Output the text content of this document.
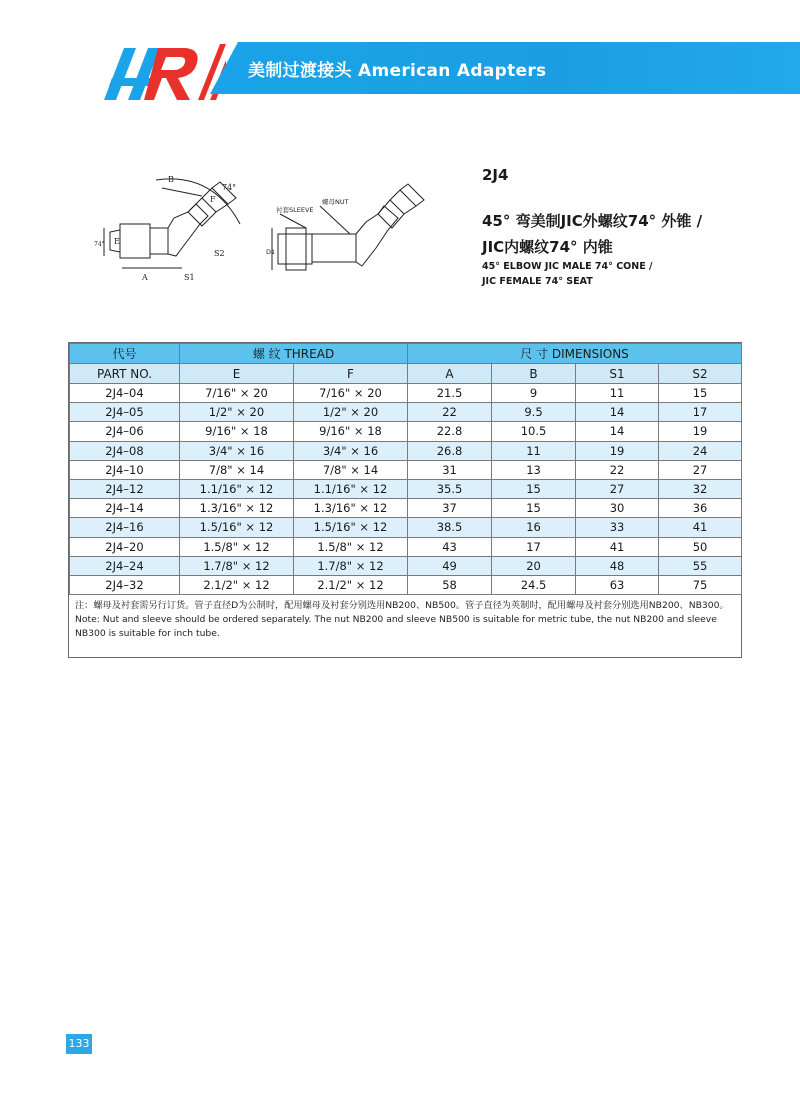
美制过渡接头 American Adapters
B
F
74°
E
S2
A	S1
74°
衬套SLEEVE
螺母NUT
D1
2J4
45° 弯美制JIC外螺纹74° 外锥 /
JIC内螺纹74° 内锥
45° ELBOW JIC MALE 74° CONE /
JIC FEMALE 74° SEAT
代号	螺 纹 THREAD		尺 寸 DIMENSIONS			
PART NO.	E	F	A	B	S1	S2
2J4–04	7/16" × 20	7/16" × 20	21.5	9	11	15
2J4–05	1/2" × 20	1/2" × 20	22	9.5	14	17
2J4–06	9/16" × 18	9/16" × 18	22.8	10.5	14	19
2J4–08	3/4" × 16	3/4" × 16	26.8	11	19	24
2J4–10	7/8" × 14	7/8" × 14	31	13	22	27
2J4–12	1.1/16" × 12	1.1/16" × 12	35.5	15	27	32
2J4–14	1.3/16" × 12	1.3/16" × 12	37	15	30	36
2J4–16	1.5/16" × 12	1.5/16" × 12	38.5	16	33	41
2J4–20	1.5/8" × 12	1.5/8" × 12	43	17	41	50
2J4–24	1.7/8" × 12	1.7/8" × 12	49	20	48	55
2J4–32	2.1/2" × 12	2.1/2" × 12	58	24.5	63	75
注：螺母及衬套需另行订货。管子直径D为公制时，配用螺母及衬套分别选用NB200、NB500。管子直径为英制时，配用螺母及衬套分别选用NB200、NB300。 Note: Nut and sleeve should be ordered separately. The nut NB200 and sleeve NB500 is suitable for metric tube, the nut NB200 and sleeve NB300 is suitable for inch tube.
133
